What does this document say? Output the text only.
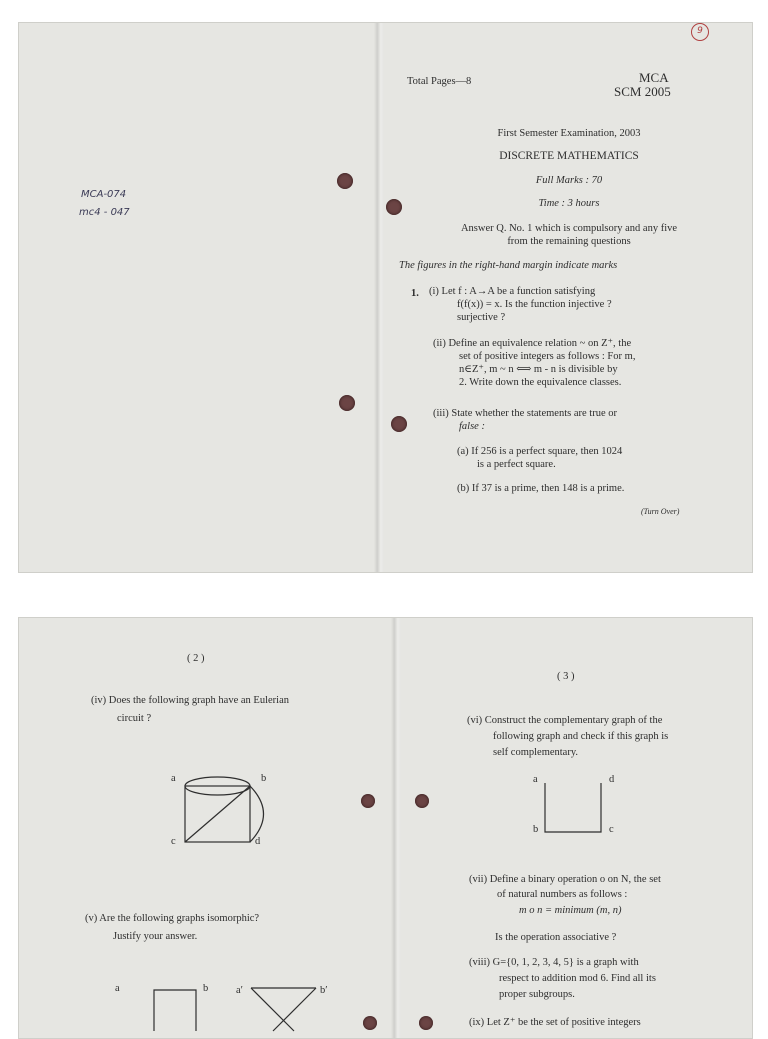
9
MCA-074
mc4 - 047
Total Pages—8	MCA
SCM 2005
First Semester Examination, 2003
DISCRETE MATHEMATICS
Full Marks : 70
Time : 3 hours
Answer Q. No. 1 which is compulsory and any five
from the remaining questions
The figures in the right-hand margin indicate marks
1. (i) Let f : A→A be a function satisfying
f(f(x)) = x. Is the function injective ?
surjective ?
(ii) Define an equivalence relation ~ on Z⁺, the
set of positive integers as follows : For m,
n∈Z⁺, m ~ n ⟺ m - n is divisible by
2. Write down the equivalence classes.
(iii) State whether the statements are true or
false :
(a) If 256 is a perfect square, then 1024
is a perfect square.
(b) If 37 is a prime, then 148 is a prime.
(Turn Over)
( 2 )
(iv) Does the following graph have an Eulerian
circuit ?
a	b
c	d
(v) Are the following graphs isomorphic?
Justify your answer.
a	b	a′	b′
( 3 )
(vi) Construct the complementary graph of the
following graph and check if this graph is
self complementary.
a
b	c
d
(vii) Define a binary operation o on N, the set
of natural numbers as follows :
m o n = minimum (m, n)
Is the operation associative ?
(viii) G={0, 1, 2, 3, 4, 5} is a graph with
respect to addition mod 6. Find all its
proper subgroups.
(ix) Let Z⁺ be the set of positive integers
